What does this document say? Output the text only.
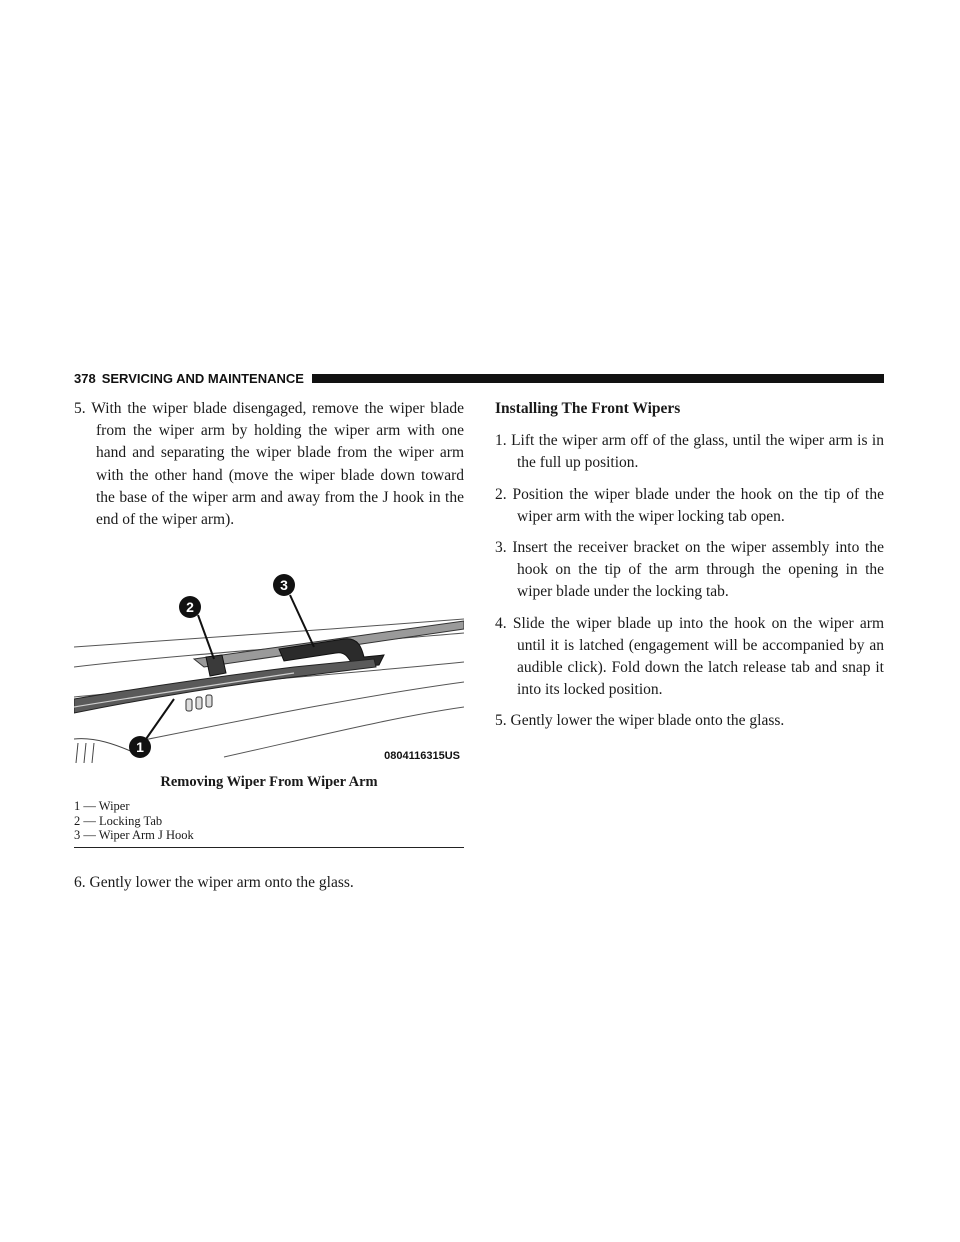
378 SERVICING AND MAINTENANCE

5. With the wiper blade disengaged, remove the wiper blade from the wiper arm by holding the wiper arm with one hand and separating the wiper blade from the wiper arm with the other hand (move the wiper blade down toward the base of the wiper arm and away from the J hook in the end of the wiper arm).

1
2
3
0804116315US
Removing Wiper From Wiper Arm
1 — Wiper
2 — Locking Tab
3 — Wiper Arm J Hook

6. Gently lower the wiper arm onto the glass.

Installing The Front Wipers

1. Lift the wiper arm off of the glass, until the wiper arm is in the full up position.

2. Position the wiper blade under the hook on the tip of the wiper arm with the wiper locking tab open.

3. Insert the receiver bracket on the wiper assembly into the hook on the tip of the arm through the opening in the wiper blade under the locking tab.

4. Slide the wiper blade up into the hook on the wiper arm until it is latched (engagement will be accompanied by an audible click). Fold down the latch release tab and snap it into its locked position.

5. Gently lower the wiper blade onto the glass.
